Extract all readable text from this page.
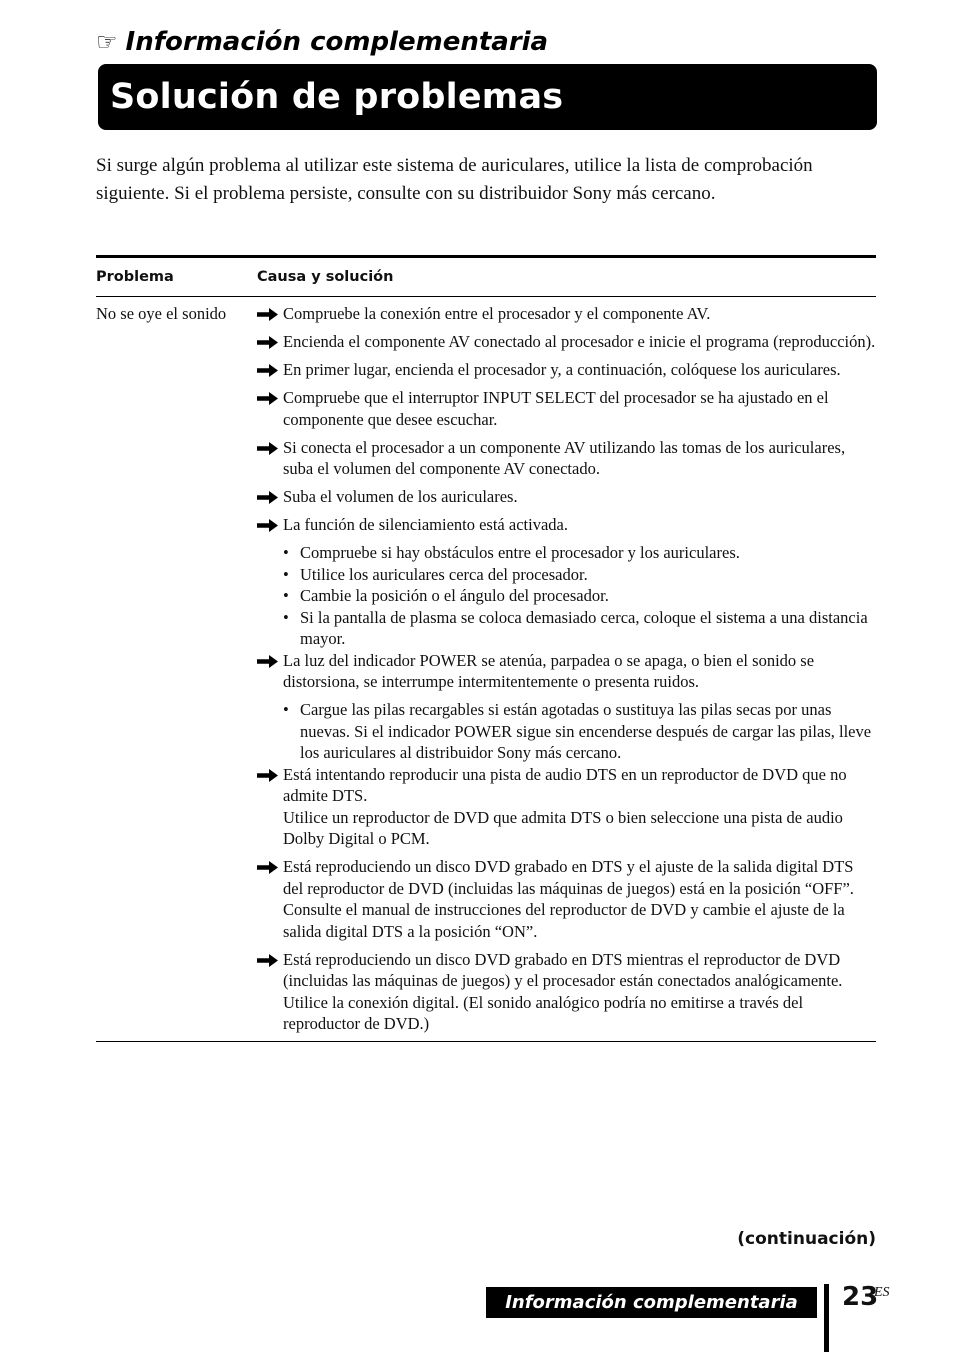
☞ Información complementaria
Solución de problemas

Si surge algún problema al utilizar este sistema de auriculares, utilice la lista de comprobación siguiente. Si el problema persiste, consulte con su distribuidor Sony más cercano.

Problema	Causa y solución
No se oye el sonido	Compruebe la conexión entre el procesador y el componente AV.
Encienda el componente AV conectado al procesador e inicie el programa (reproducción).
En primer lugar, encienda el procesador y, a continuación, colóquese los auriculares.
Compruebe que el interruptor INPUT SELECT del procesador se ha ajustado en el componente que desee escuchar.
Si conecta el procesador a un componente AV utilizando las tomas de los auriculares, suba el volumen del componente AV conectado.
Suba el volumen de los auriculares.
La función de silenciamiento está activada.
• Compruebe si hay obstáculos entre el procesador y los auriculares.
• Utilice los auriculares cerca del procesador.
• Cambie la posición o el ángulo del procesador.
• Si la pantalla de plasma se coloca demasiado cerca, coloque el sistema a una distancia mayor.
La luz del indicador POWER se atenúa, parpadea o se apaga, o bien el sonido se distorsiona, se interrumpe intermitentemente o presenta ruidos.
• Cargue las pilas recargables si están agotadas o sustituya las pilas secas por unas nuevas. Si el indicador POWER sigue sin encenderse después de cargar las pilas, lleve los auriculares al distribuidor Sony más cercano.
Está intentando reproducir una pista de audio DTS en un reproductor de DVD que no admite DTS.
Utilice un reproductor de DVD que admita DTS o bien seleccione una pista de audio Dolby Digital o PCM.
Está reproduciendo un disco DVD grabado en DTS y el ajuste de la salida digital DTS del reproductor de DVD (incluidas las máquinas de juegos) está en la posición “OFF”.
Consulte el manual de instrucciones del reproductor de DVD y cambie el ajuste de la salida digital DTS a la posición “ON”.
Está reproduciendo un disco DVD grabado en DTS mientras el reproductor de DVD (incluidas las máquinas de juegos) y el procesador están conectados analógicamente.
Utilice la conexión digital. (El sonido analógico podría no emitirse a través del reproductor de DVD.)
(continuación)
Información complementaria 23
ES
